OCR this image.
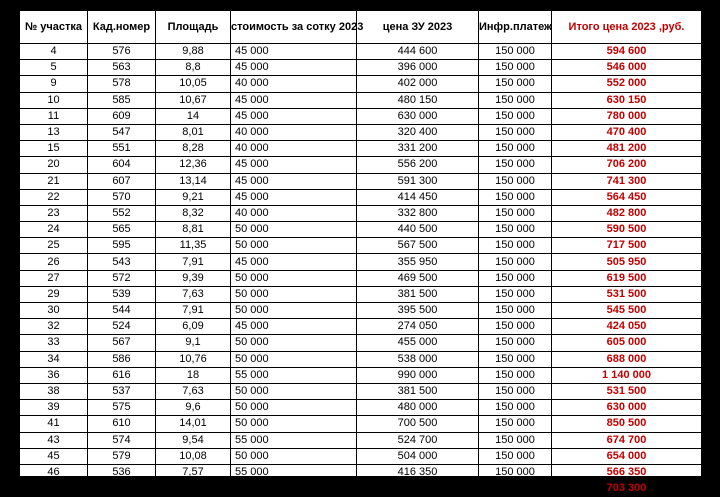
№ участка	Кад.номер	Площадь	стоимость за сотку 2023	цена ЗУ 2023	Инфр.платеж	Итого цена 2023 ,руб.
4	576	9,88	45 000	444 600	150 000	594 600
5	563	8,8	45 000	396 000	150 000	546 000
9	578	10,05	40 000	402 000	150 000	552 000
10	585	10,67	45 000	480 150	150 000	630 150
11	609	14	45 000	630 000	150 000	780 000
13	547	8,01	40 000	320 400	150 000	470 400
15	551	8,28	40 000	331 200	150 000	481 200
20	604	12,36	45 000	556 200	150 000	706 200
21	607	13,14	45 000	591 300	150 000	741 300
22	570	9,21	45 000	414 450	150 000	564 450
23	552	8,32	40 000	332 800	150 000	482 800
24	565	8,81	50 000	440 500	150 000	590 500
25	595	11,35	50 000	567 500	150 000	717 500
26	543	7,91	45 000	355 950	150 000	505 950
27	572	9,39	50 000	469 500	150 000	619 500
29	539	7,63	50 000	381 500	150 000	531 500
30	544	7,91	50 000	395 500	150 000	545 500
32	524	6,09	45 000	274 050	150 000	424 050
33	567	9,1	50 000	455 000	150 000	605 000
34	586	10,76	50 000	538 000	150 000	688 000
36	616	18	55 000	990 000	150 000	1 140 000
38	537	7,63	50 000	381 500	150 000	531 500
39	575	9,6	50 000	480 000	150 000	630 000
41	610	14,01	50 000	700 500	150 000	850 500
43	574	9,54	55 000	524 700	150 000	674 700
45	579	10,08	50 000	504 000	150 000	654 000
46	536	7,57	55 000	416 350	150 000	566 350
49	580	10,06	55 000	553 300	150 000	703 300
